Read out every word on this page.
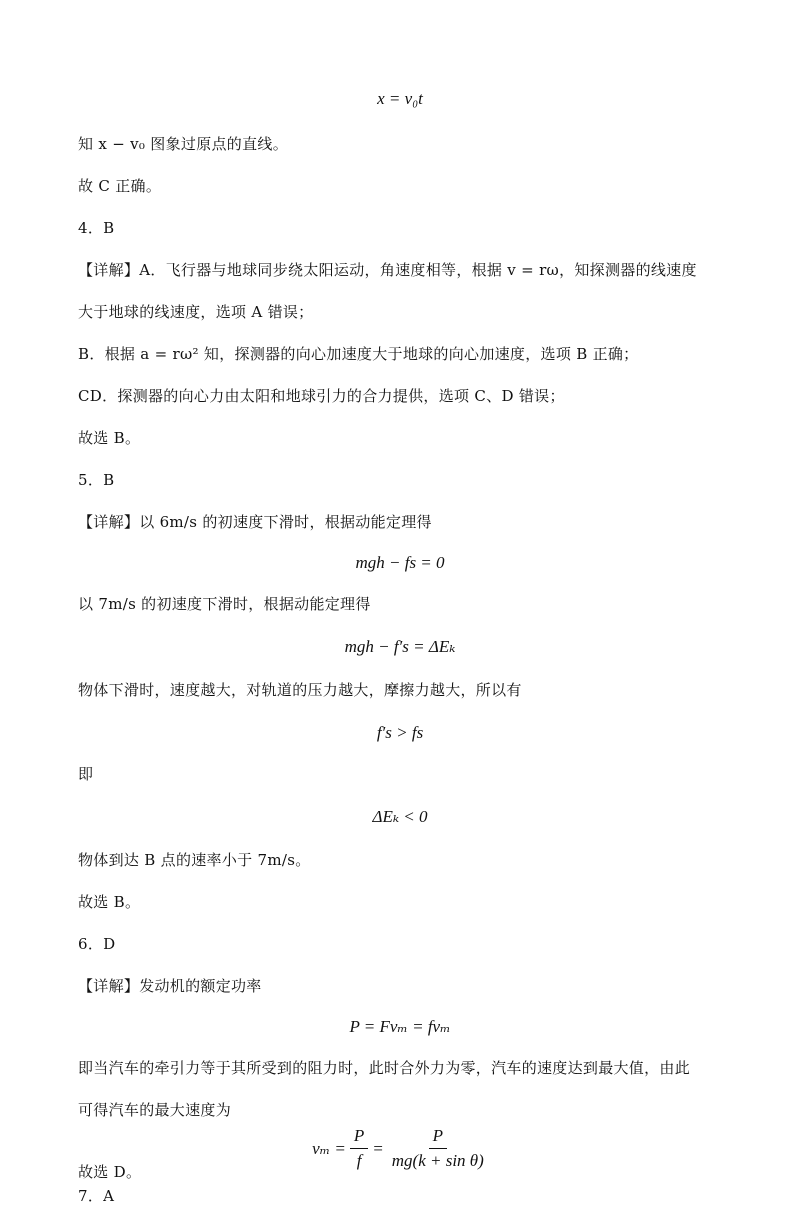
x = v₀t
知 x − v₀ 图象过原点的直线。
故 C 正确。
4．B
【详解】A．飞行器与地球同步绕太阳运动，角速度相等，根据 v = rω，知探测器的线速度
大于地球的线速度，选项 A 错误；
B．根据 a = rω² 知，探测器的向心加速度大于地球的向心加速度，选项 B 正确；
CD．探测器的向心力由太阳和地球引力的合力提供，选项 C、D 错误；
故选 B。
5．B
【详解】以 6m/s 的初速度下滑时，根据动能定理得
mgh − fs = 0
以 7m/s 的初速度下滑时，根据动能定理得
mgh − f′s = ΔEₖ
物体下滑时，速度越大，对轨道的压力越大，摩擦力越大，所以有
f′s > fs
即
ΔEₖ < 0
物体到达 B 点的速率小于 7m/s。
故选 B。
6．D
【详解】发动机的额定功率
P = Fvₘ = fvₘ
即当汽车的牵引力等于其所受到的阻力时，此时合外力为零，汽车的速度达到最大值，由此
可得汽车的最大速度为
$v_m = \frac{P}{f} = \frac{P}{\text{mg(k + sin θ)}}$
故选 D。
7．A
